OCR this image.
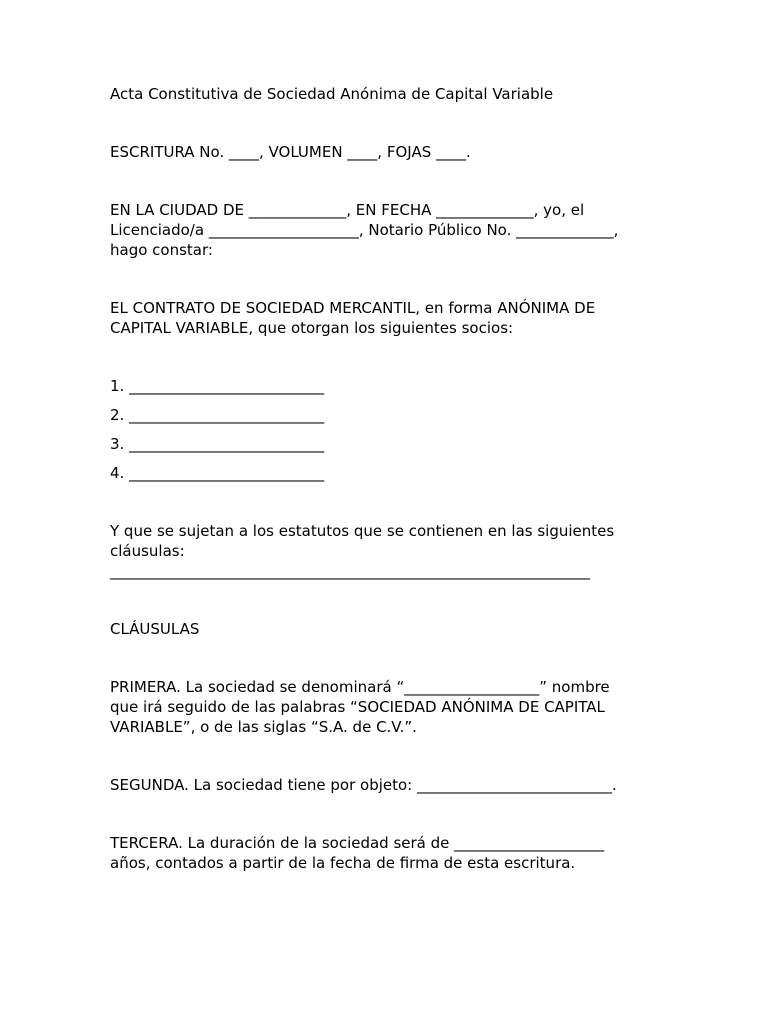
Acta Constitutiva de Sociedad Anónima de Capital Variable

ESCRITURA No. ____, VOLUMEN ____, FOJAS ____.

EN LA CIUDAD DE _____________, EN FECHA _____________, yo, el

Licenciado/a ____________________, Notario Público No. _____________,

hago constar:

EL CONTRATO DE SOCIEDAD MERCANTIL, en forma ANÓNIMA DE

CAPITAL VARIABLE, que otorgan los siguientes socios:

1. __________________________

2. __________________________

3. __________________________

4. __________________________

Y que se sujetan a los estatutos que se contienen en las siguientes

cláusulas:

________________________________________________________________

CLÁUSULAS

PRIMERA. La sociedad se denominará “__________________” nombre

que irá seguido de las palabras “SOCIEDAD ANÓNIMA DE CAPITAL

VARIABLE”, o de las siglas “S.A. de C.V.”.

SEGUNDA. La sociedad tiene por objeto: __________________________.

TERCERA. La duración de la sociedad será de ____________________

años, contados a partir de la fecha de firma de esta escritura.
